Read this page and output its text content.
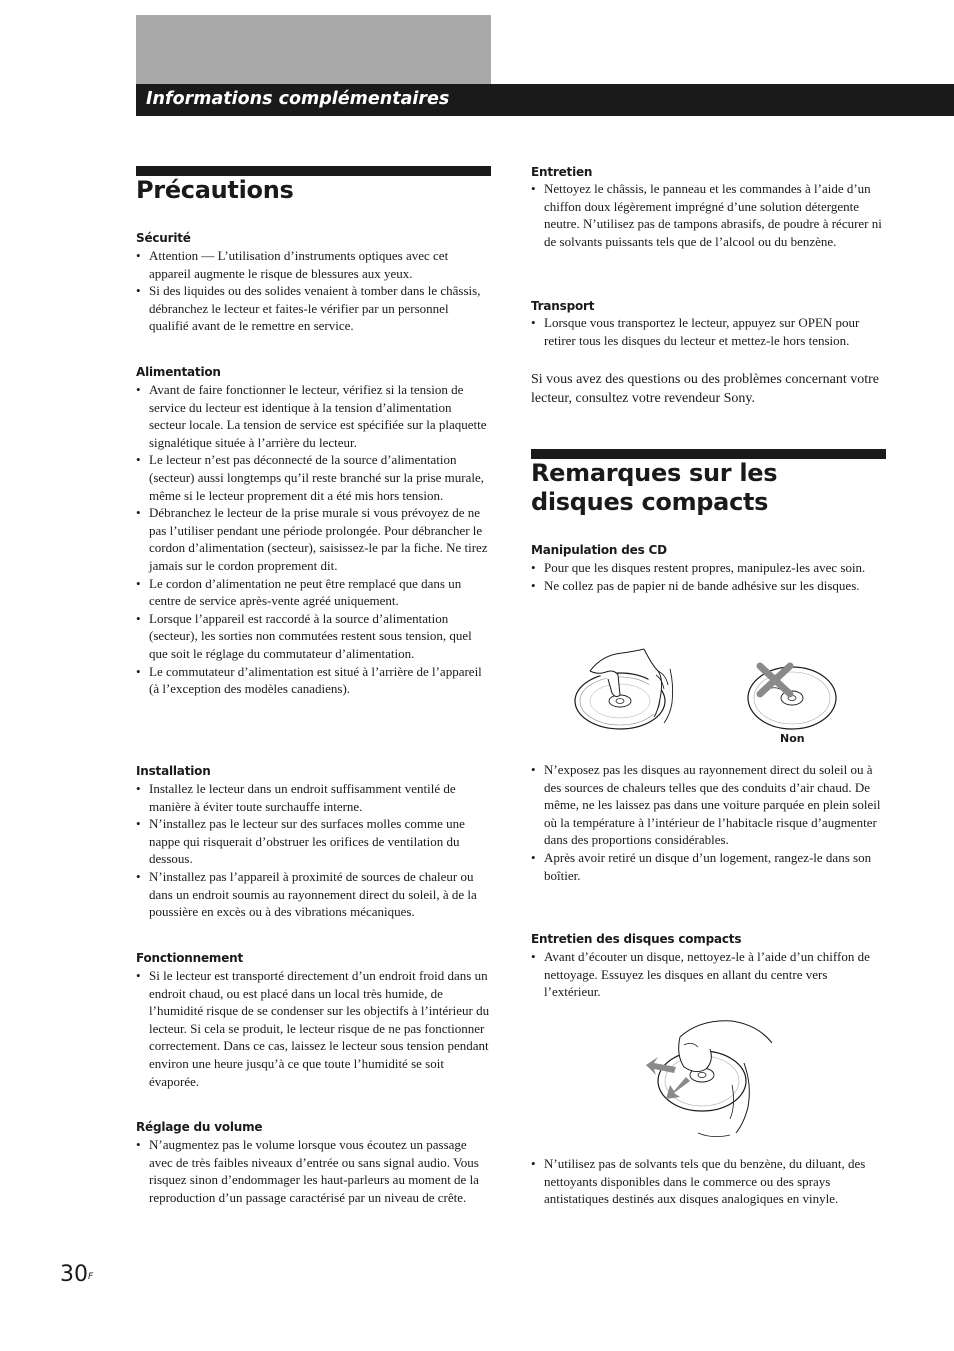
Informations complémentaires
Précautions
Sécurité
• Attention — L’utilisation d’instruments optiques avec cet appareil augmente le risque de blessures aux yeux.
• Si des liquides ou des solides venaient à tomber dans le châssis, débranchez le lecteur et faites-le vérifier par un personnel qualifié avant de le remettre en service.
Alimentation
• Avant de faire fonctionner le lecteur, vérifiez si la tension de service du lecteur est identique à la tension d’alimentation secteur locale. La tension de service est spécifiée sur la plaquette signalétique située à l’arrière du lecteur.
• Le lecteur n’est pas déconnecté de la source d’alimentation (secteur) aussi longtemps qu’il reste branché sur la prise murale, même si le lecteur proprement dit a été mis hors tension.
• Débranchez le lecteur de la prise murale si vous prévoyez de ne pas l’utiliser pendant une période prolongée. Pour débrancher le cordon d’alimentation (secteur), saisissez-le par la fiche. Ne tirez jamais sur le cordon proprement dit.
• Le cordon d’alimentation ne peut être remplacé que dans un centre de service après-vente agréé uniquement.
• Lorsque l’appareil est raccordé à la source d’alimentation (secteur), les sorties non commutées restent sous tension, quel que soit le réglage du commutateur d’alimentation.
• Le commutateur d’alimentation est situé à l’arrière de l’appareil (à l’exception des modèles canadiens).
Installation
• Installez le lecteur dans un endroit suffisamment ventilé de manière à éviter toute surchauffe interne.
• N’installez pas le lecteur sur des surfaces molles comme une nappe qui risquerait d’obstruer les orifices de ventilation du dessous.
• N’installez pas l’appareil à proximité de sources de chaleur ou dans un endroit soumis au rayonnement direct du soleil, à de la poussière en excès ou à des vibrations mécaniques.
Fonctionnement
• Si le lecteur est transporté directement d’un endroit froid dans un endroit chaud, ou est placé dans un local très humide, de l’humidité risque de se condenser sur les objectifs à l’intérieur du lecteur. Si cela se produit, le lecteur risque de ne pas fonctionner correctement. Dans ce cas, laissez le lecteur sous tension pendant environ une heure jusqu’à ce que toute l’humidité se soit évaporée.
Réglage du volume
• N’augmentez pas le volume lorsque vous écoutez un passage avec de très faibles niveaux d’entrée ou sans signal audio. Vous risquez sinon d’endommager les haut-parleurs au moment de la reproduction d’un passage caractérisé par un niveau de crête.
Entretien
• Nettoyez le châssis, le panneau et les commandes à l’aide d’un chiffon doux légèrement imprégné d’une solution détergente neutre. N’utilisez pas de tampons abrasifs, de poudre à récurer ni de solvants puissants tels que de l’alcool ou du benzène.
Transport
• Lorsque vous transportez le lecteur, appuyez sur OPEN pour retirer tous les disques du lecteur et mettez-le hors tension.

Si vous avez des questions ou des problèmes concernant votre lecteur, consultez votre revendeur Sony.

Remarques sur les disques compacts
Manipulation des CD
• Pour que les disques restent propres, manipulez-les avec soin.
• Ne collez pas de papier ni de bande adhésive sur les disques.

Non

• N’exposez pas les disques au rayonnement direct du soleil ou à des sources de chaleurs telles que des conduits d’air chaud. De même, ne les laissez pas dans une voiture parquée en plein soleil où la température à l’intérieur de l’habitacle risque d’augmenter dans des proportions considérables.
• Après avoir retiré un disque d’un logement, rangez-le dans son boîtier.
Entretien des disques compacts
• Avant d’écouter un disque, nettoyez-le à l’aide d’un chiffon de nettoyage. Essuyez les disques en allant du centre vers l’extérieur.
• N’utilisez pas de solvants tels que du benzène, du diluant, des nettoyants disponibles dans le commerce ou des sprays antistatiques destinés aux disques analogiques en vinyle.
$30^F$
